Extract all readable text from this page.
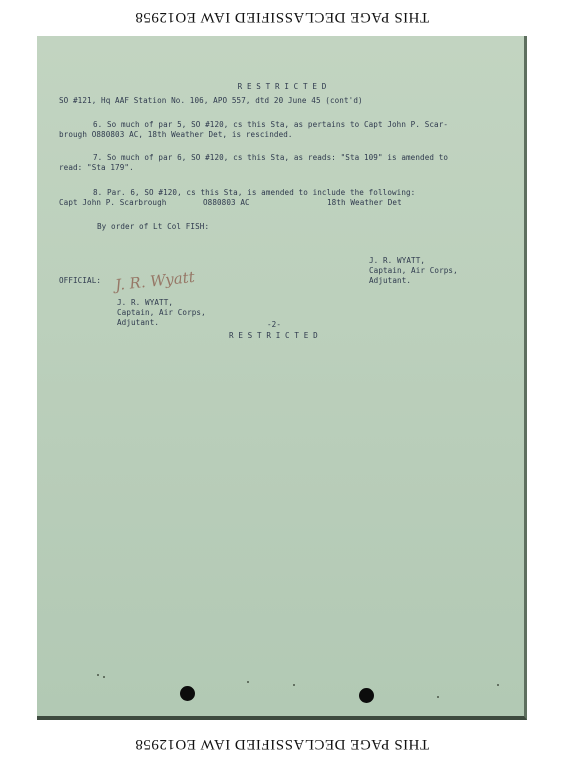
THIS PAGE DECLASSIFIED IAW EO12958
R E S T R I C T E D
SO #121, Hq AAF Station No. 106, APO 557, dtd 20 June 45 (cont'd)
6. So much of par 5, SO #120, cs this Sta, as pertains to Capt John P. Scar-
brough O880803 AC, 18th Weather Det, is rescinded.
7. So much of par 6, SO #120, cs this Sta, as reads: "Sta 109" is amended to
read: "Sta 179".
8. Par. 6, SO #120, cs this Sta, is amended to include the following:
Capt John P. Scarbrough	O880803 AC	18th Weather Det
By order of Lt Col FISH:
J. R. WYATT,
Captain, Air Corps,
Adjutant.
OFFICIAL: J. R. Wyatt
J. R. WYATT,
Captain, Air Corps,
Adjutant.	-2-
R E S T R I C T E D
THIS PAGE DECLASSIFIED IAW EO12958
